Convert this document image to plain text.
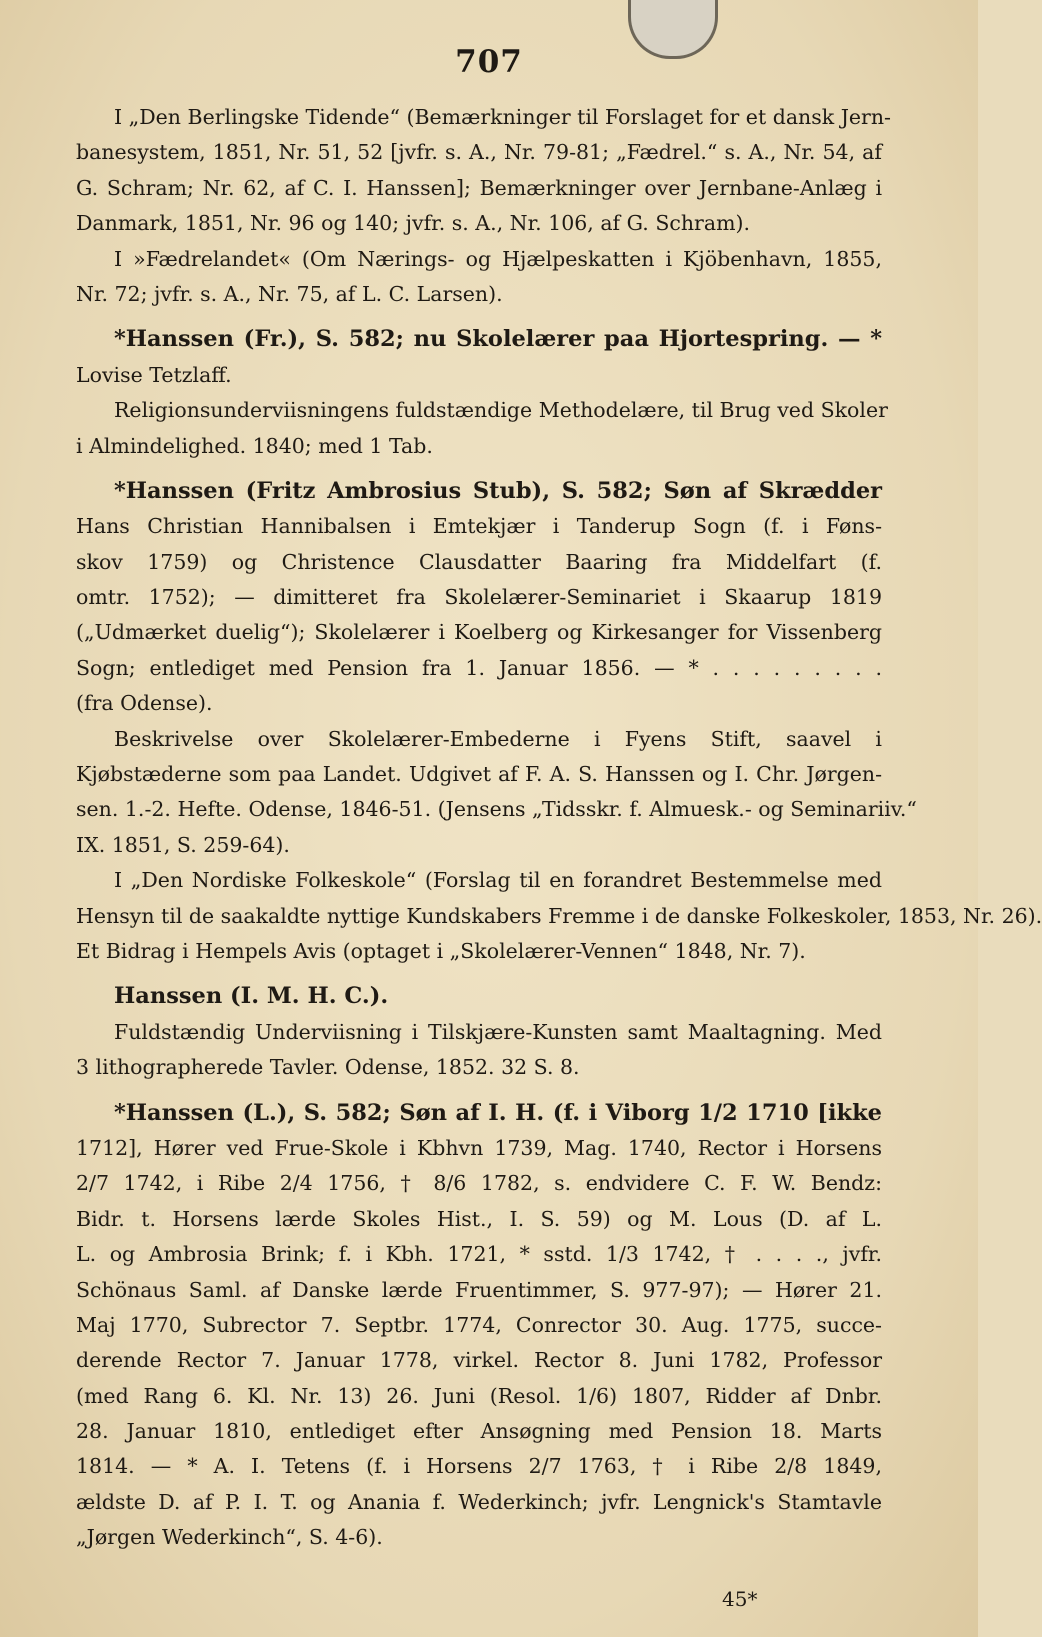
707
I „Den Berlingske Tidende“ (Bemærkninger til Forslaget for et dansk Jern-
banesystem, 1851, Nr. 51, 52 [jvfr. s. A., Nr. 79-81; „Fædrel.“ s. A., Nr. 54, af
G. Schram; Nr. 62, af C. I. Hanssen]; Bemærkninger over Jernbane-Anlæg i
Danmark, 1851, Nr. 96 og 140; jvfr. s. A., Nr. 106, af G. Schram).
I »Fædrelandet« (Om Nærings- og Hjælpeskatten i Kjöbenhavn, 1855,
Nr. 72; jvfr. s. A., Nr. 75, af L. C. Larsen).
*Hanssen (Fr.), S. 582; nu Skolelærer paa Hjortespring. — *
Lovise Tetzlaff.
Religionsunderviisningens fuldstændige Methodelære, til Brug ved Skoler
i Almindelighed. 1840; med 1 Tab.
*Hanssen (Fritz Ambrosius Stub), S. 582; Søn af Skrædder
Hans Christian Hannibalsen i Emtekjær i Tanderup Sogn (f. i Føns-
skov 1759) og Christence Clausdatter Baaring fra Middelfart (f.
omtr. 1752); — dimitteret fra Skolelærer-Seminariet i Skaarup 1819
(„Udmærket duelig“); Skolelærer i Koelberg og Kirkesanger for Vissenberg
Sogn; entlediget med Pension fra 1. Januar 1856. — * . . . . . . . . .
(fra Odense).
Beskrivelse over Skolelærer-Embederne i Fyens Stift, saavel i
Kjøbstæderne som paa Landet. Udgivet af F. A. S. Hanssen og I. Chr. Jørgen-
sen. 1.-2. Hefte. Odense, 1846-51. (Jensens „Tidsskr. f. Almuesk.- og Seminariiv.“
IX. 1851, S. 259-64).
I „Den Nordiske Folkeskole“ (Forslag til en forandret Bestemmelse med
Hensyn til de saakaldte nyttige Kundskabers Fremme i de danske Folkeskoler, 1853, Nr. 26).
Et Bidrag i Hempels Avis (optaget i „Skolelærer-Vennen“ 1848, Nr. 7).
Hanssen (I. M. H. C.).
Fuldstændig Underviisning i Tilskjære-Kunsten samt Maaltagning. Med
3 lithographerede Tavler. Odense, 1852. 32 S. 8.
*Hanssen (L.), S. 582; Søn af I. H. (f. i Viborg 1/2 1710 [ikke
1712], Hører ved Frue-Skole i Kbhvn 1739, Mag. 1740, Rector i Horsens
2/7 1742, i Ribe 2/4 1756, † 8/6 1782, s. endvidere C. F. W. Bendz:
Bidr. t. Horsens lærde Skoles Hist., I. S. 59) og M. Lous (D. af L.
L. og Ambrosia Brink; f. i Kbh. 1721, * sstd. 1/3 1742, † . . . ., jvfr.
Schönaus Saml. af Danske lærde Fruentimmer, S. 977-97); — Hører 21.
Maj 1770, Subrector 7. Septbr. 1774, Conrector 30. Aug. 1775, succe-
derende Rector 7. Januar 1778, virkel. Rector 8. Juni 1782, Professor
(med Rang 6. Kl. Nr. 13) 26. Juni (Resol. 1/6) 1807, Ridder af Dnbr.
28. Januar 1810, entlediget efter Ansøgning med Pension 18. Marts
1814. — * A. I. Tetens (f. i Horsens 2/7 1763, † i Ribe 2/8 1849,
ældste D. af P. I. T. og Anania f. Wederkinch; jvfr. Lengnick's Stamtavle
„Jørgen Wederkinch“, S. 4-6).
45*
